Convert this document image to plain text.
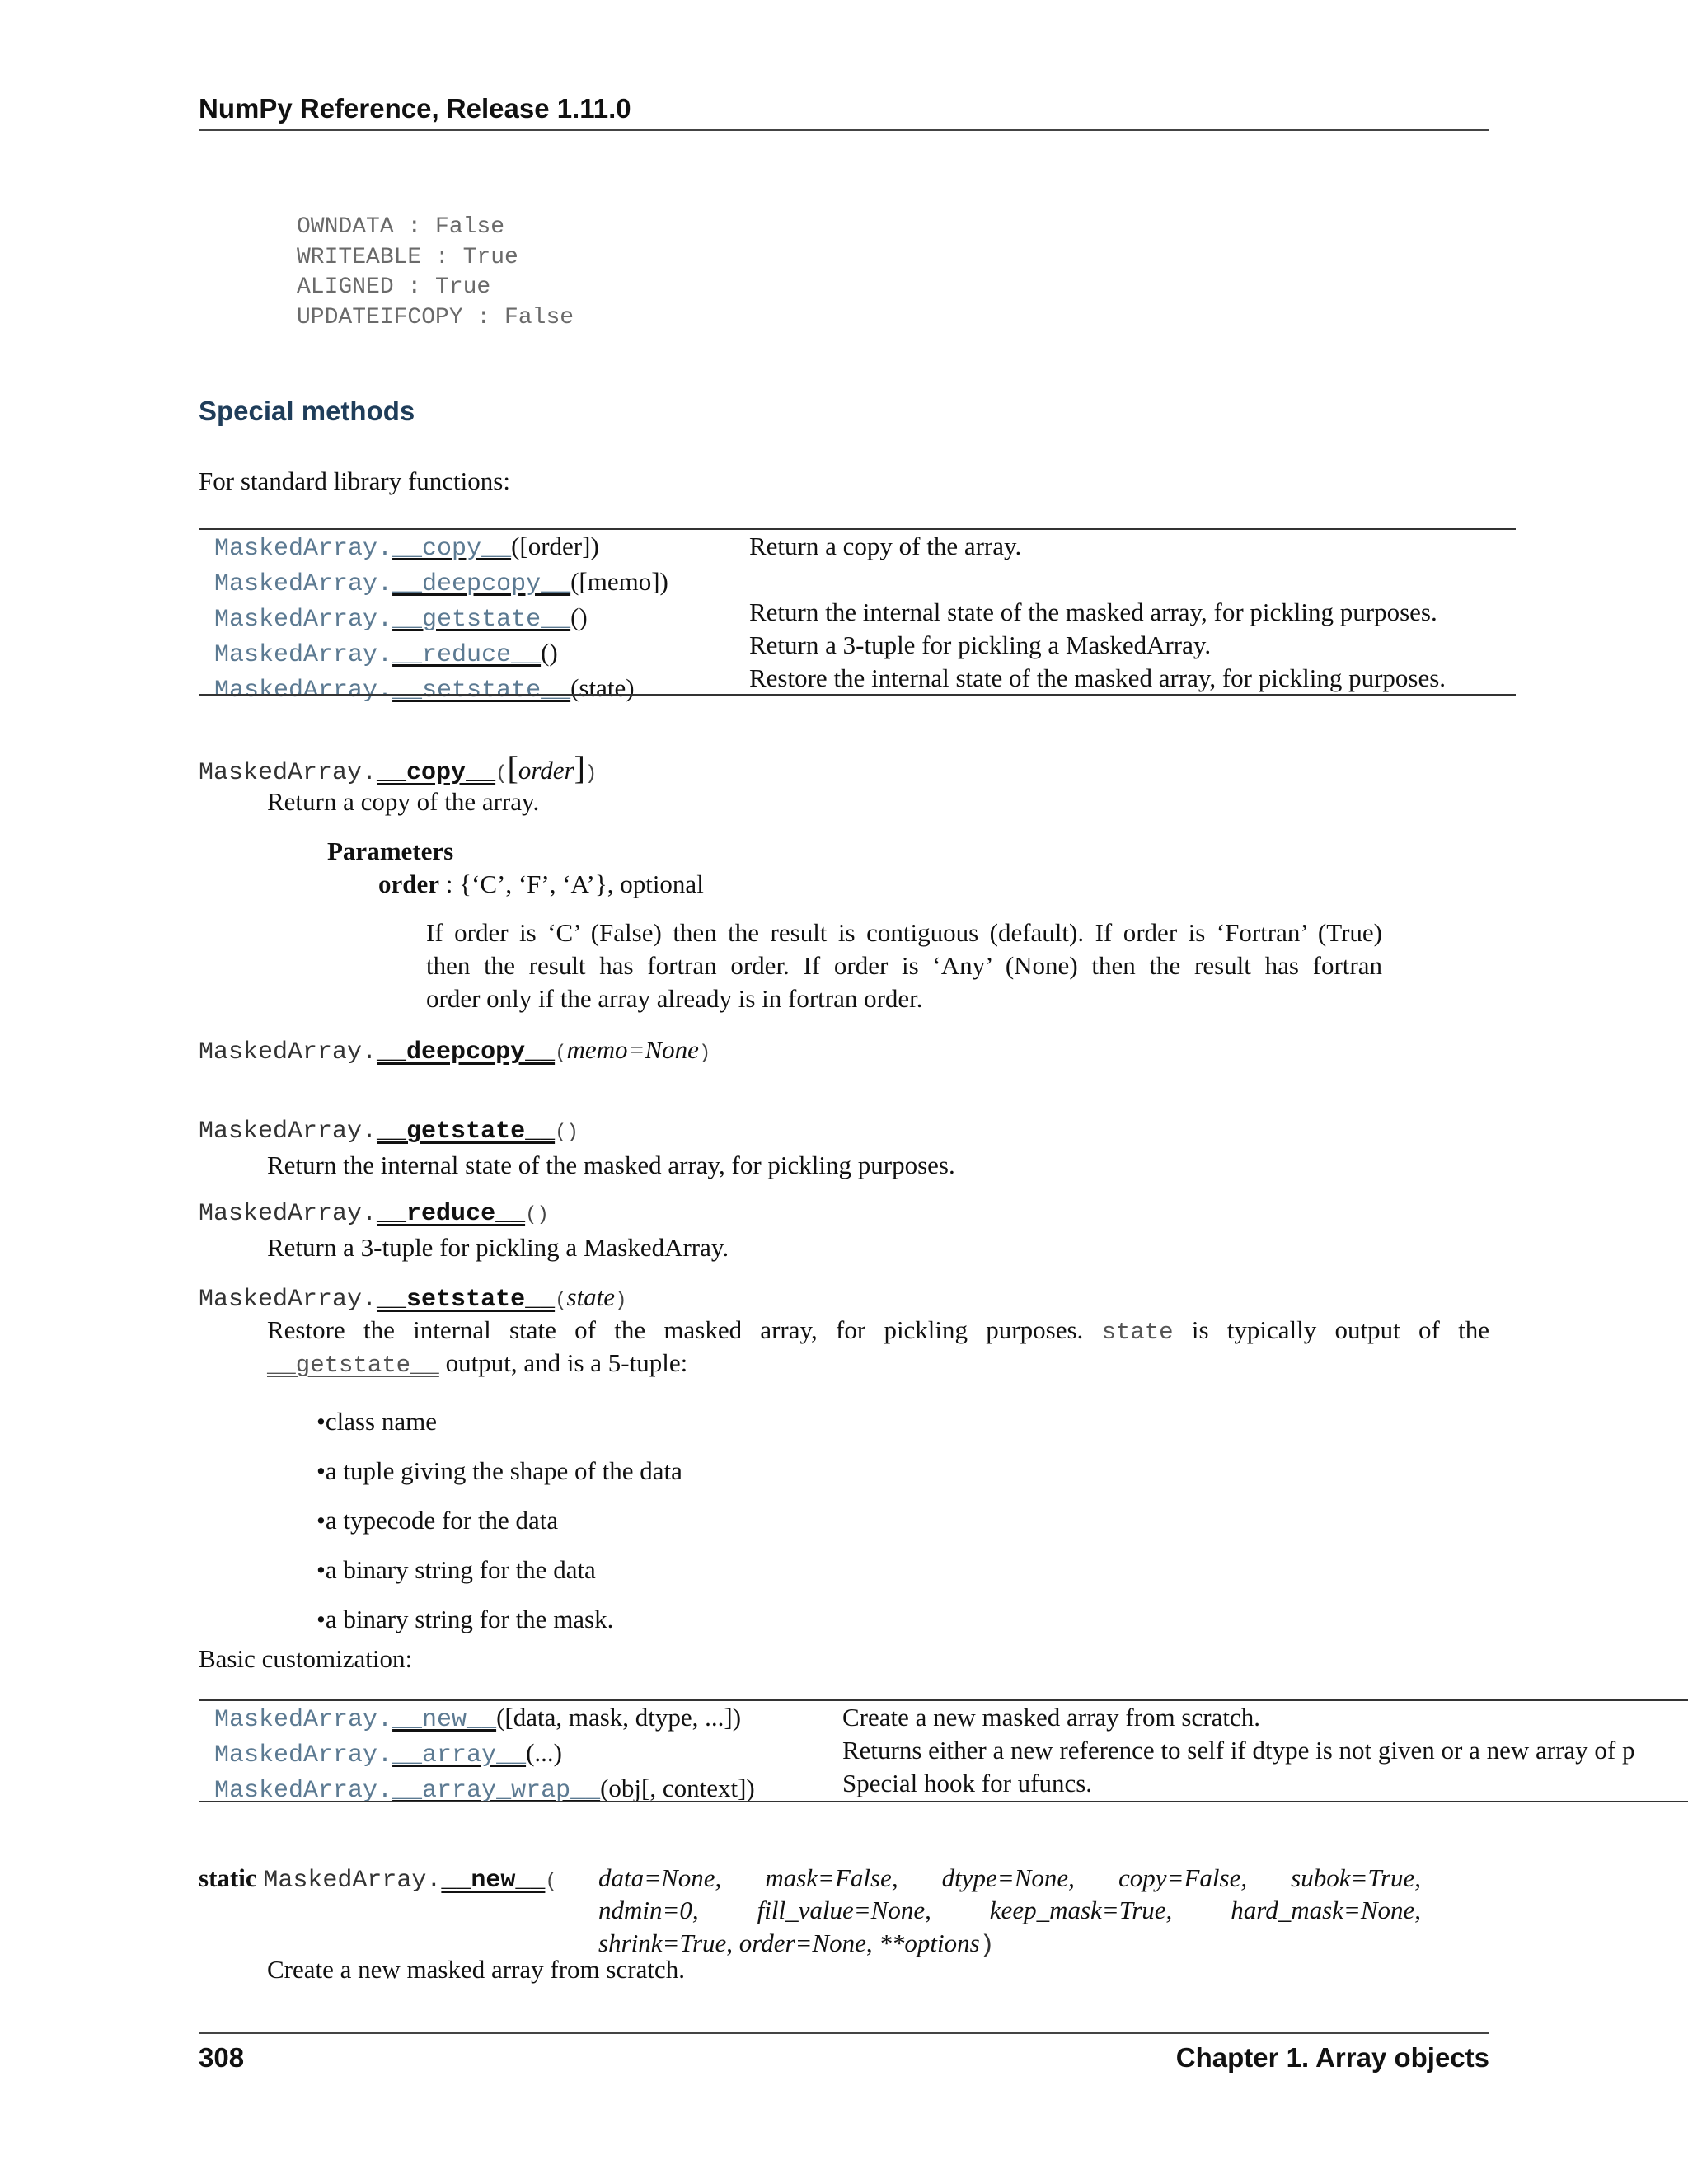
NumPy Reference, Release 1.11.0
OWNDATA : False
WRITEABLE : True
ALIGNED : True
UPDATEIFCOPY : False
Special methods
For standard library functions:
MaskedArray.__copy__([order])
MaskedArray.__deepcopy__([memo])
MaskedArray.__getstate__()
MaskedArray.__reduce__()
MaskedArray.__setstate__(state)
Return a copy of the array.
Return the internal state of the masked array, for pickling purposes.
Return a 3-tuple for pickling a MaskedArray.
Restore the internal state of the masked array, for pickling purposes.
MaskedArray.__copy__([order])
Return a copy of the array.
Parameters
order : {‘C’, ‘F’, ‘A’}, optional
If order is ‘C’ (False) then the result is contiguous (default). If order is ‘Fortran’ (True)
then the result has fortran order. If order is ‘Any’ (None) then the result has fortran
order only if the array already is in fortran order.
MaskedArray.__deepcopy__(memo=None)
MaskedArray.__getstate__()
Return the internal state of the masked array, for pickling purposes.
MaskedArray.__reduce__()
Return a 3-tuple for pickling a MaskedArray.
MaskedArray.__setstate__(state)
Restore the internal state of the masked array, for pickling purposes. state is typically output of the
__getstate__ output, and is a 5-tuple:
•class name
•a tuple giving the shape of the data
•a typecode for the data
•a binary string for the data
•a binary string for the mask.
Basic customization:
MaskedArray.__new__([data, mask, dtype, ...])
MaskedArray.__array__(...)
MaskedArray.__array_wrap__(obj[, context])
Create a new masked array from scratch.
Returns either a new reference to self if dtype is not given or a new array of p
Special hook for ufuncs.
static MaskedArray.__new__( data=None, mask=False, dtype=None, copy=False, subok=True,
ndmin=0, fill_value=None, keep_mask=True, hard_mask=None,
shrink=True, order=None, **options)
Create a new masked array from scratch.
308	Chapter 1. Array objects
